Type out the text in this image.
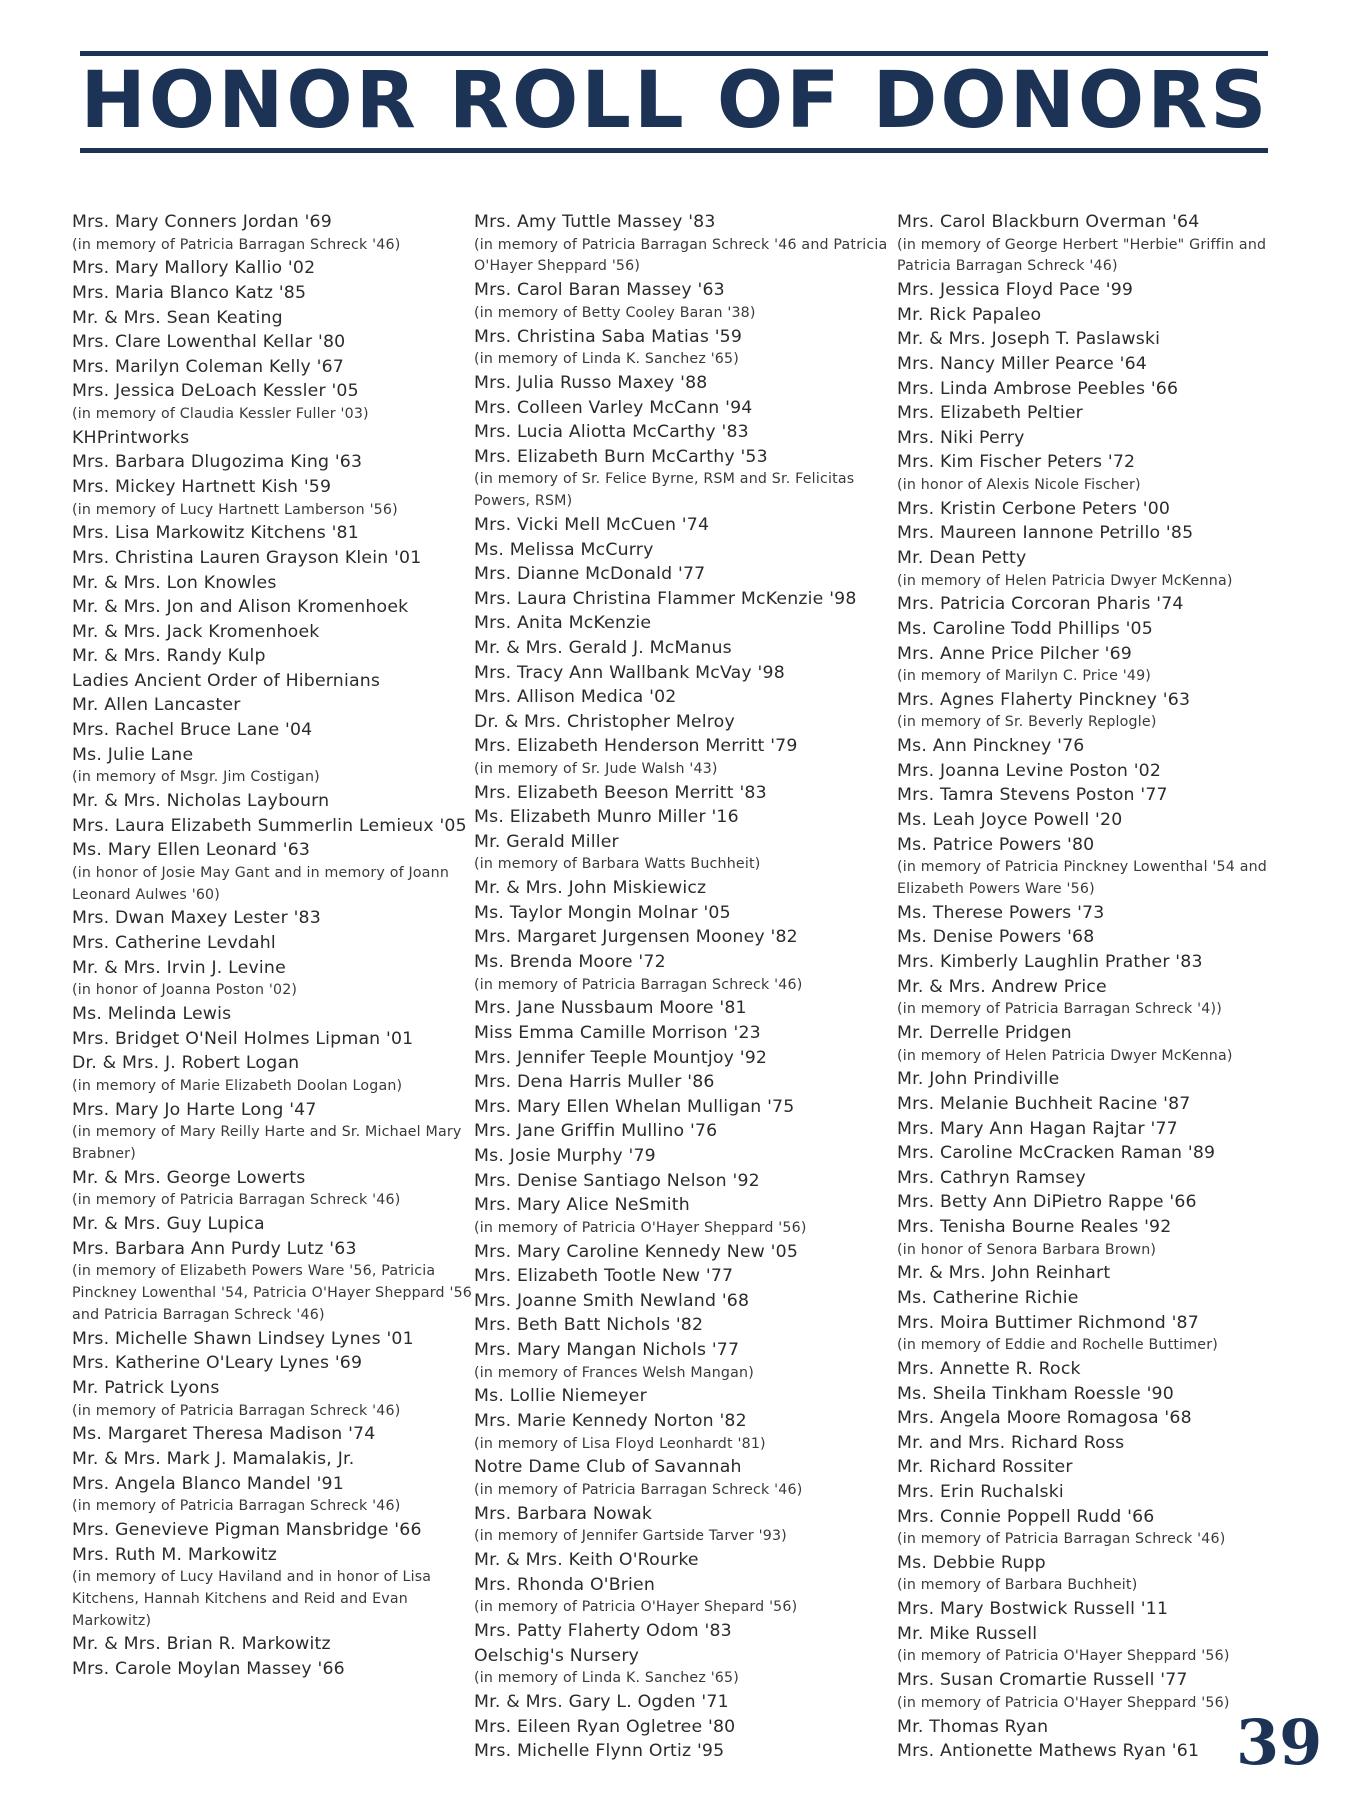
HONOR ROLL OF DONORS
Mrs. Mary Conners Jordan '69
(in memory of Patricia Barragan Schreck '46)
Mrs. Mary Mallory Kallio '02
Mrs. Maria Blanco Katz '85
Mr. & Mrs. Sean Keating
Mrs. Clare Lowenthal Kellar '80
Mrs. Marilyn Coleman Kelly '67
Mrs. Jessica DeLoach Kessler '05
(in memory of Claudia Kessler Fuller '03)
KHPrintworks
Mrs. Barbara Dlugozima King '63
Mrs. Mickey Hartnett Kish '59
(in memory of Lucy Hartnett Lamberson '56)
Mrs. Lisa Markowitz Kitchens '81
Mrs. Christina Lauren Grayson Klein '01
Mr. & Mrs. Lon Knowles
Mr. & Mrs. Jon and Alison Kromenhoek
Mr. & Mrs. Jack Kromenhoek
Mr. & Mrs. Randy Kulp
Ladies Ancient Order of Hibernians
Mr. Allen Lancaster
Mrs. Rachel Bruce Lane '04
Ms. Julie Lane
(in memory of Msgr. Jim Costigan)
Mr. & Mrs. Nicholas Laybourn
Mrs. Laura Elizabeth Summerlin Lemieux '05
Ms. Mary Ellen Leonard '63
(in honor of Josie May Gant and in memory of Joann Leonard Aulwes '60)
Mrs. Dwan Maxey Lester '83
Mrs. Catherine Levdahl
Mr. & Mrs. Irvin J. Levine
(in honor of Joanna Poston '02)
Ms. Melinda Lewis
Mrs. Bridget O'Neil Holmes Lipman '01
Dr. & Mrs. J. Robert Logan
(in memory of Marie Elizabeth Doolan Logan)
Mrs. Mary Jo Harte Long '47
(in memory of Mary Reilly Harte and Sr. Michael Mary Brabner)
Mr. & Mrs. George Lowerts
(in memory of Patricia Barragan Schreck '46)
Mr. & Mrs. Guy Lupica
Mrs. Barbara Ann Purdy Lutz '63
(in memory of Elizabeth Powers Ware '56, Patricia Pinckney Lowenthal '54, Patricia O'Hayer Sheppard '56 and Patricia Barragan Schreck '46)
Mrs. Michelle Shawn Lindsey Lynes '01
Mrs. Katherine O'Leary Lynes '69
Mr. Patrick Lyons
(in memory of Patricia Barragan Schreck '46)
Ms. Margaret Theresa Madison '74
Mr. & Mrs. Mark J. Mamalakis, Jr.
Mrs. Angela Blanco Mandel '91
(in memory of Patricia Barragan Schreck '46)
Mrs. Genevieve Pigman Mansbridge '66
Mrs. Ruth M. Markowitz
(in memory of Lucy Haviland and in honor of Lisa Kitchens, Hannah Kitchens and Reid and Evan Markowitz)
Mr. & Mrs. Brian R. Markowitz
Mrs. Carole Moylan Massey '66
Mrs. Amy Tuttle Massey '83
(in memory of Patricia Barragan Schreck '46 and Patricia O'Hayer Sheppard '56)
Mrs. Carol Baran Massey '63
(in memory of Betty Cooley Baran '38)
Mrs. Christina Saba Matias '59
(in memory of Linda K. Sanchez '65)
Mrs. Julia Russo Maxey '88
Mrs. Colleen Varley McCann '94
Mrs. Lucia Aliotta McCarthy '83
Mrs. Elizabeth Burn McCarthy '53
(in memory of Sr. Felice Byrne, RSM and Sr. Felicitas Powers, RSM)
Mrs. Vicki Mell McCuen '74
Ms. Melissa McCurry
Mrs. Dianne McDonald '77
Mrs. Laura Christina Flammer McKenzie '98
Mrs. Anita McKenzie
Mr. & Mrs. Gerald J. McManus
Mrs. Tracy Ann Wallbank McVay '98
Mrs. Allison Medica '02
Dr. & Mrs. Christopher Melroy
Mrs. Elizabeth Henderson Merritt '79
(in memory of Sr. Jude Walsh '43)
Mrs. Elizabeth Beeson Merritt '83
Ms. Elizabeth Munro Miller '16
Mr. Gerald Miller
(in memory of Barbara Watts Buchheit)
Mr. & Mrs. John Miskiewicz
Ms. Taylor Mongin Molnar '05
Mrs. Margaret Jurgensen Mooney '82
Ms. Brenda Moore '72
(in memory of Patricia Barragan Schreck '46)
Mrs. Jane Nussbaum Moore '81
Miss Emma Camille Morrison '23
Mrs. Jennifer Teeple Mountjoy '92
Mrs. Dena Harris Muller '86
Mrs. Mary Ellen Whelan Mulligan '75
Mrs. Jane Griffin Mullino '76
Ms. Josie Murphy '79
Mrs. Denise Santiago Nelson '92
Mrs. Mary Alice NeSmith
(in memory of Patricia O'Hayer Sheppard '56)
Mrs. Mary Caroline Kennedy New '05
Mrs. Elizabeth Tootle New '77
Mrs. Joanne Smith Newland '68
Mrs. Beth Batt Nichols '82
Mrs. Mary Mangan Nichols '77
(in memory of Frances Welsh Mangan)
Ms. Lollie Niemeyer
Mrs. Marie Kennedy Norton '82
(in memory of Lisa Floyd Leonhardt '81)
Notre Dame Club of Savannah
(in memory of Patricia Barragan Schreck '46)
Mrs. Barbara Nowak
(in memory of Jennifer Gartside Tarver '93)
Mr. & Mrs. Keith O'Rourke
Mrs. Rhonda O'Brien
(in memory of Patricia O'Hayer Shepard '56)
Mrs. Patty Flaherty Odom '83
Oelschig's Nursery
(in memory of Linda K. Sanchez '65)
Mr. & Mrs. Gary L. Ogden '71
Mrs. Eileen Ryan Ogletree '80
Mrs. Michelle Flynn Ortiz '95
Mrs. Carol Blackburn Overman '64
(in memory of George Herbert "Herbie" Griffin and Patricia Barragan Schreck '46)
Mrs. Jessica Floyd Pace '99
Mr. Rick Papaleo
Mr. & Mrs. Joseph T. Paslawski
Mrs. Nancy Miller Pearce '64
Mrs. Linda Ambrose Peebles '66
Mrs. Elizabeth Peltier
Mrs. Niki Perry
Mrs. Kim Fischer Peters '72
(in honor of Alexis Nicole Fischer)
Mrs. Kristin Cerbone Peters '00
Mrs. Maureen Iannone Petrillo '85
Mr. Dean Petty
(in memory of Helen Patricia Dwyer McKenna)
Mrs. Patricia Corcoran Pharis '74
Ms. Caroline Todd Phillips '05
Mrs. Anne Price Pilcher '69
(in memory of Marilyn C. Price '49)
Mrs. Agnes Flaherty Pinckney '63
(in memory of Sr. Beverly Replogle)
Ms. Ann Pinckney '76
Mrs. Joanna Levine Poston '02
Mrs. Tamra Stevens Poston '77
Ms. Leah Joyce Powell '20
Ms. Patrice Powers '80
(in memory of Patricia Pinckney Lowenthal '54 and Elizabeth Powers Ware '56)
Ms. Therese Powers '73
Ms. Denise Powers '68
Mrs. Kimberly Laughlin Prather '83
Mr. & Mrs. Andrew Price
(in memory of Patricia Barragan Schreck '4))
Mr. Derrelle Pridgen
(in memory of Helen Patricia Dwyer McKenna)
Mr. John Prindiville
Mrs. Melanie Buchheit Racine '87
Mrs. Mary Ann Hagan Rajtar '77
Mrs. Caroline McCracken Raman '89
Mrs. Cathryn Ramsey
Mrs. Betty Ann DiPietro Rappe '66
Mrs. Tenisha Bourne Reales '92
(in honor of Senora Barbara Brown)
Mr. & Mrs. John Reinhart
Ms. Catherine Richie
Mrs. Moira Buttimer Richmond '87
(in memory of Eddie and Rochelle Buttimer)
Mrs. Annette R. Rock
Ms. Sheila Tinkham Roessle '90
Mrs. Angela Moore Romagosa '68
Mr. and Mrs. Richard Ross
Mr. Richard Rossiter
Mrs. Erin Ruchalski
Mrs. Connie Poppell Rudd '66
(in memory of Patricia Barragan Schreck '46)
Ms. Debbie Rupp
(in memory of Barbara Buchheit)
Mrs. Mary Bostwick Russell '11
Mr. Mike Russell
(in memory of Patricia O'Hayer Sheppard '56)
Mrs. Susan Cromartie Russell '77
(in memory of Patricia O'Hayer Sheppard '56)
Mr. Thomas Ryan
Mrs. Antionette Mathews Ryan '61 39
